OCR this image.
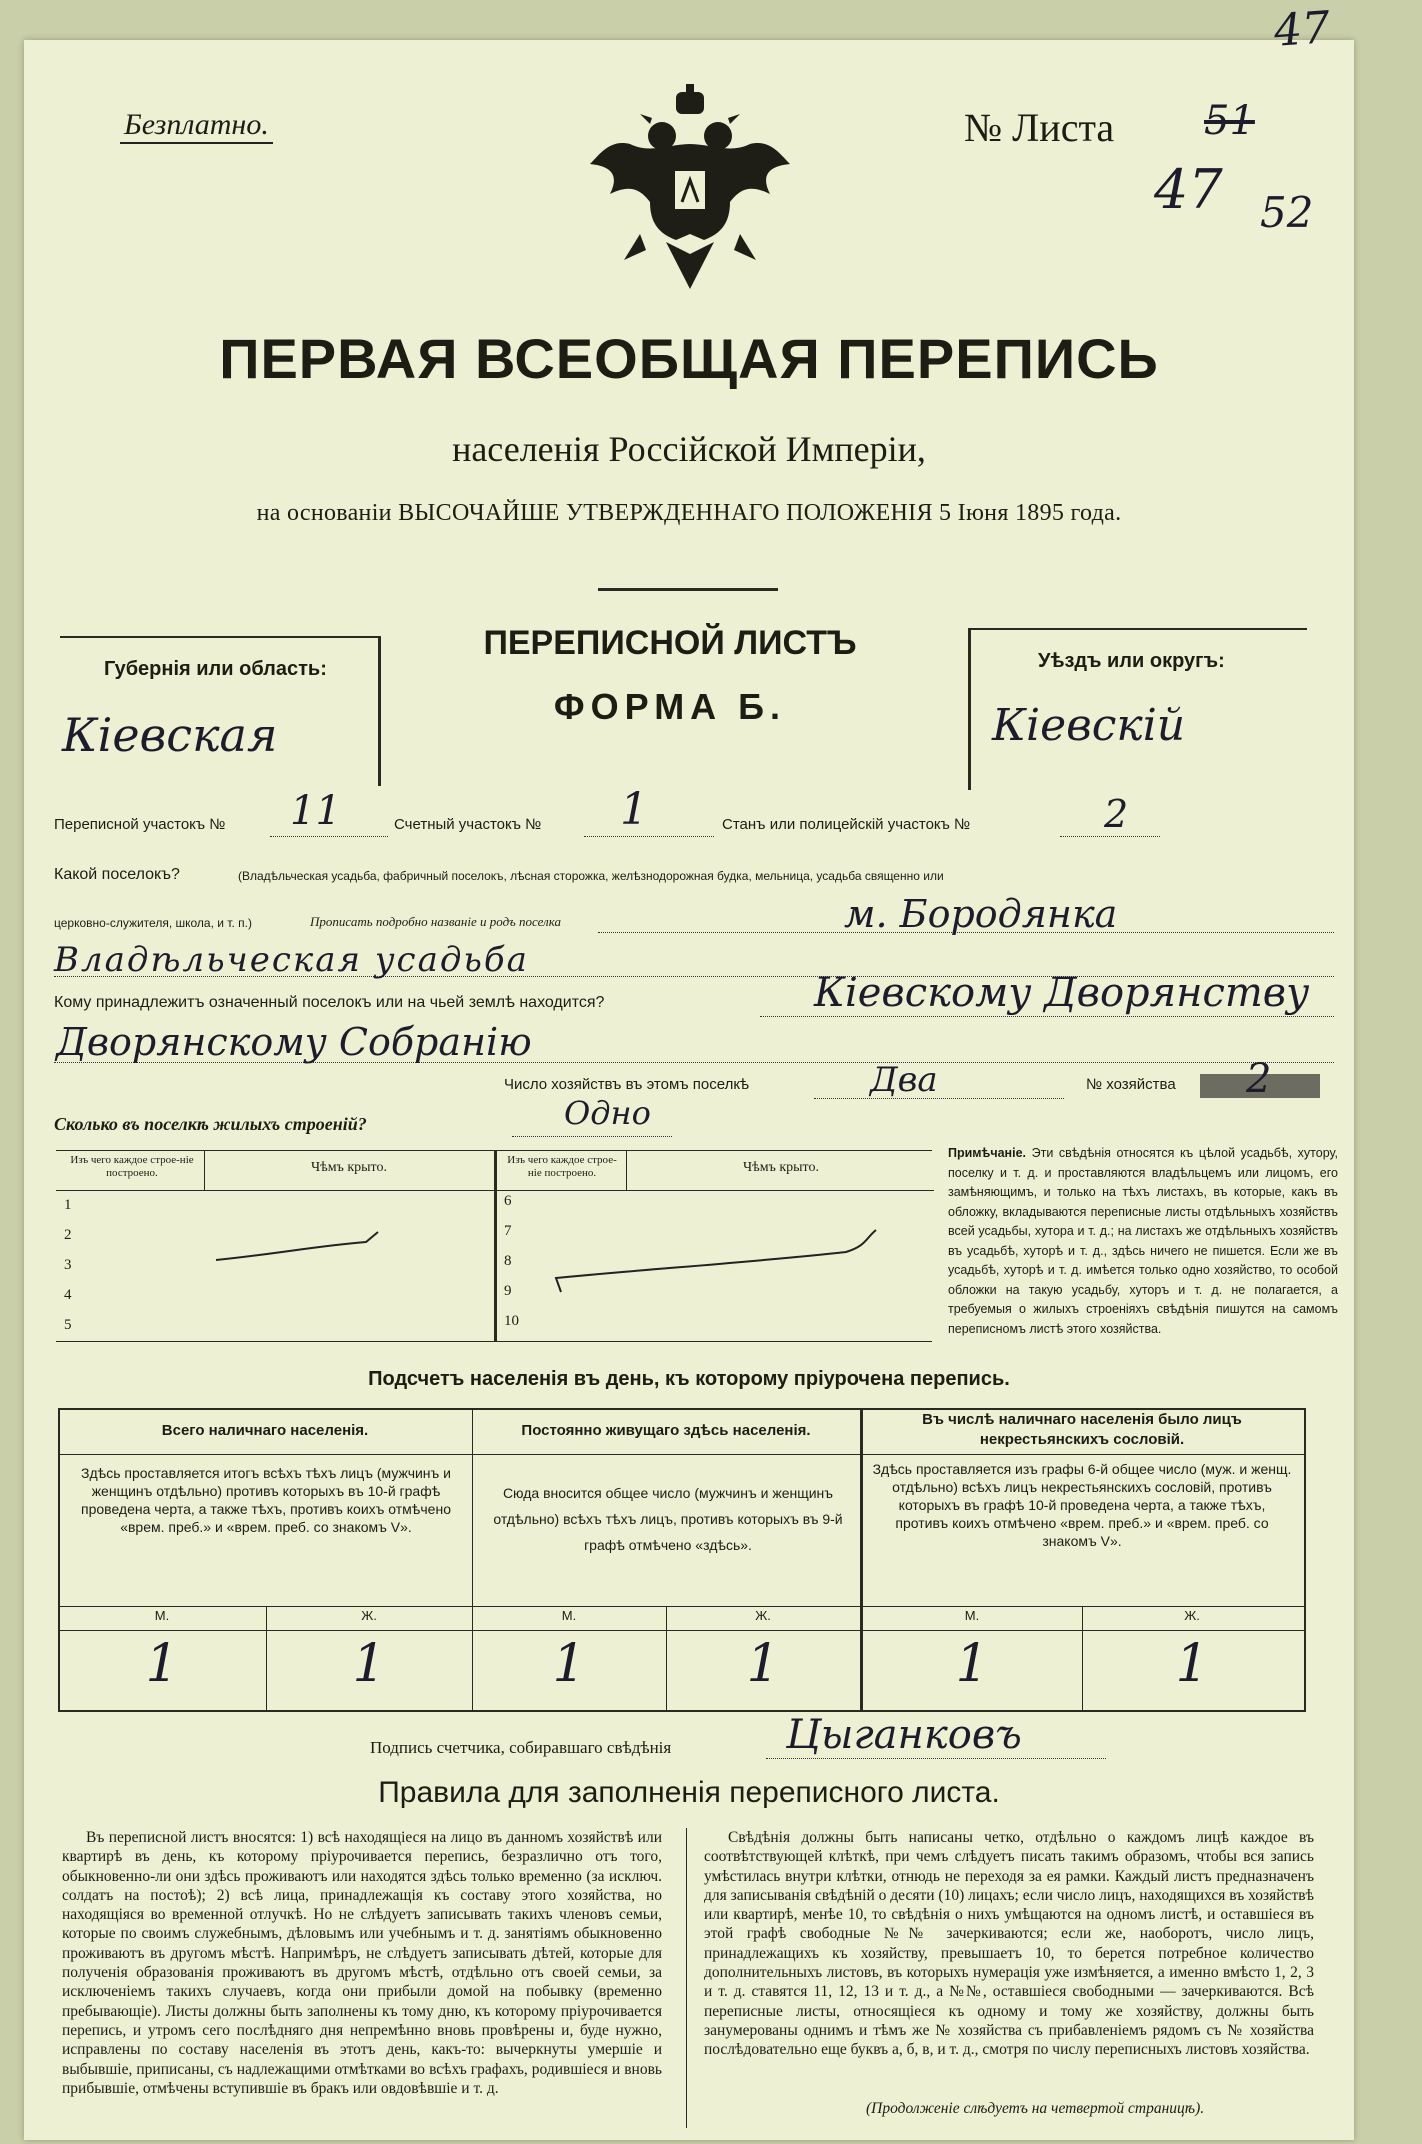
47
Безплатно.	№ Листа 51
47 52
ПЕРВАЯ ВСЕОБЩАЯ ПЕРЕПИСЬ
населенія Россійской Имперіи,
на основаніи ВЫСОЧАЙШЕ УТВЕРЖДЕННАГО ПОЛОЖЕНІЯ 5 Іюня 1895 года.
Губернія или область:
Кіевская
ПЕРЕПИСНОЙ ЛИСТЪ
ФОРМА Б.
Уѣздъ или округъ:
Кіевскій
Переписной участокъ № 11	Счетный участокъ № 1	Станъ или полицейскій участокъ №	2
Какой поселокъ?	(Владѣльческая усадьба, фабричный поселокъ, лѣсная сторожка, желѣзнодорожная будка, мельница, усадьба священно или
церковно-служителя, школа, и т. п.)	Прописать подробно названіе и родъ поселка	м. Бородянка
Владѣльческая усадьба
Кому принадлежитъ означенный поселокъ или на чьей землѣ находится?	Кіевскому Дворянству
Дворянскому Собранію
Число хозяйствъ въ этомъ поселкѣ	Два	№ хозяйства 2
Сколько въ поселкѣ жилыхъ строеній?	Одно
Изъ чего каждое строе-ніе построено.	Чѣмъ крыто.	Изъ чего каждое строе-ніе построено.	Чѣмъ крыто.
1
2
3
4
5
6
7
8
9
10
Примѣчаніе. Эти свѣдѣнія относятся къ цѣлой усадьбѣ, хутору, поселку и т. д. и проставляются владѣльцемъ или лицомъ, его замѣняющимъ, и только на тѣхъ листахъ, въ которые, какъ въ обложку, вкладываются переписные листы отдѣльныхъ хозяйствъ всей усадьбы, хутора и т. д.; на листахъ же отдѣльныхъ хозяйствъ въ усадьбѣ, хуторѣ и т. д., здѣсь ничего не пишется. Если же въ усадьбѣ, хуторѣ и т. д. имѣется только одно хозяйство, то особой обложки на такую усадьбу, хуторъ и т. д. не полагается, а требуемыя о жилыхъ строеніяхъ свѣдѣнія пишутся на самомъ переписномъ листѣ этого хозяйства.
Подсчетъ населенія въ день, къ которому пріурочена перепись.
Всего наличнаго населенія.	Постоянно живущаго здѣсь населенія.
Въ числѣ наличнаго населенія было лицъ некрестьянскихъ сословій.
Здѣсь проставляется итогъ всѣхъ тѣхъ лицъ (мужчинъ и женщинъ отдѣльно) противъ которыхъ въ 10-й графѣ проведена черта, а также тѣхъ, противъ коихъ отмѣчено «врем. преб.» и «врем. преб. со знакомъ V».
Сюда вносится общее число (мужчинъ и женщинъ отдѣльно) всѣхъ тѣхъ лицъ, противъ которыхъ въ 9-й графѣ отмѣчено «здѣсь».
Здѣсь проставляется изъ графы 6-й общее число (муж. и женщ. отдѣльно) всѣхъ лицъ некрестьянскихъ сословій, противъ которыхъ въ графѣ 10-й проведена черта, а также тѣхъ, противъ коихъ отмѣчено «врем. преб.» и «врем. преб. со знакомъ V».
М.	Ж.	М.	Ж.	М.	Ж.
1	1	1	1	1	1
Подпись счетчика, собиравшаго свѣдѣнія	Цыганковъ
Правила для заполненія переписного листа.
Въ переписной листъ вносятся: 1) всѣ находящіеся на лицо въ данномъ хозяйствѣ или квартирѣ въ день, къ которому пріурочивается перепись, безразлично отъ того, обыкновенно-ли они здѣсь проживаютъ или находятся здѣсь только временно (за исключ. солдатъ на постоѣ); 2) всѣ лица, принадлежащія къ составу этого хозяйства, но находящіяся во временной отлучкѣ. Но не слѣдуетъ записывать такихъ членовъ семьи, которые по своимъ служебнымъ, дѣловымъ или учебнымъ и т. д. занятіямъ обыкновенно проживаютъ въ другомъ мѣстѣ. Напримѣръ, не слѣдуетъ записывать дѣтей, которые для полученія образованія проживаютъ въ другомъ мѣстѣ, отдѣльно отъ своей семьи, за исключеніемъ такихъ случаевъ, когда они прибыли домой на побывку (временно пребывающіе). Листы должны быть заполнены къ тому дню, къ которому пріурочивается перепись, и утромъ сего послѣдняго дня непремѣнно вновь провѣрены и, буде нужно, исправлены по составу населенія въ этотъ день, какъ-то: вычеркнуты умершіе и выбывшіе, приписаны, съ надлежащими отмѣтками во всѣхъ графахъ, родившіеся и вновь прибывшіе, отмѣчены вступившіе въ бракъ или овдовѣвшіе и т. д.
Свѣдѣнія должны быть написаны четко, отдѣльно о каждомъ лицѣ каждое въ соотвѣтствующей клѣткѣ, при чемъ слѣдуетъ писать такимъ образомъ, чтобы вся запись умѣстилась внутри клѣтки, отнюдь не переходя за ея рамки. Каждый листъ предназначенъ для записыванія свѣдѣній о десяти (10) лицахъ; если число лицъ, находящихся въ хозяйствѣ или квартирѣ, менѣе 10, то свѣдѣнія о нихъ умѣщаются на одномъ листѣ, и оставшіеся въ этой графѣ свободные №№ зачеркиваются; если же, наоборотъ, число лицъ, принадлежащихъ къ хозяйству, превышаетъ 10, то берется потребное количество дополнительныхъ листовъ, въ которыхъ нумерація уже измѣняется, а именно вмѣсто 1, 2, 3 и т. д. ставятся 11, 12, 13 и т. д., а №№, оставшіеся свободными — зачеркиваются. Всѣ переписные листы, относящіеся къ одному и тому же хозяйству, должны быть занумерованы однимъ и тѣмъ же № хозяйства съ прибавленіемъ рядомъ съ № хозяйства послѣдовательно еще буквъ а, б, в, и т. д., смотря по числу переписныхъ листовъ хозяйства.
(Продолженіе слѣдуетъ на четвертой страницѣ).
